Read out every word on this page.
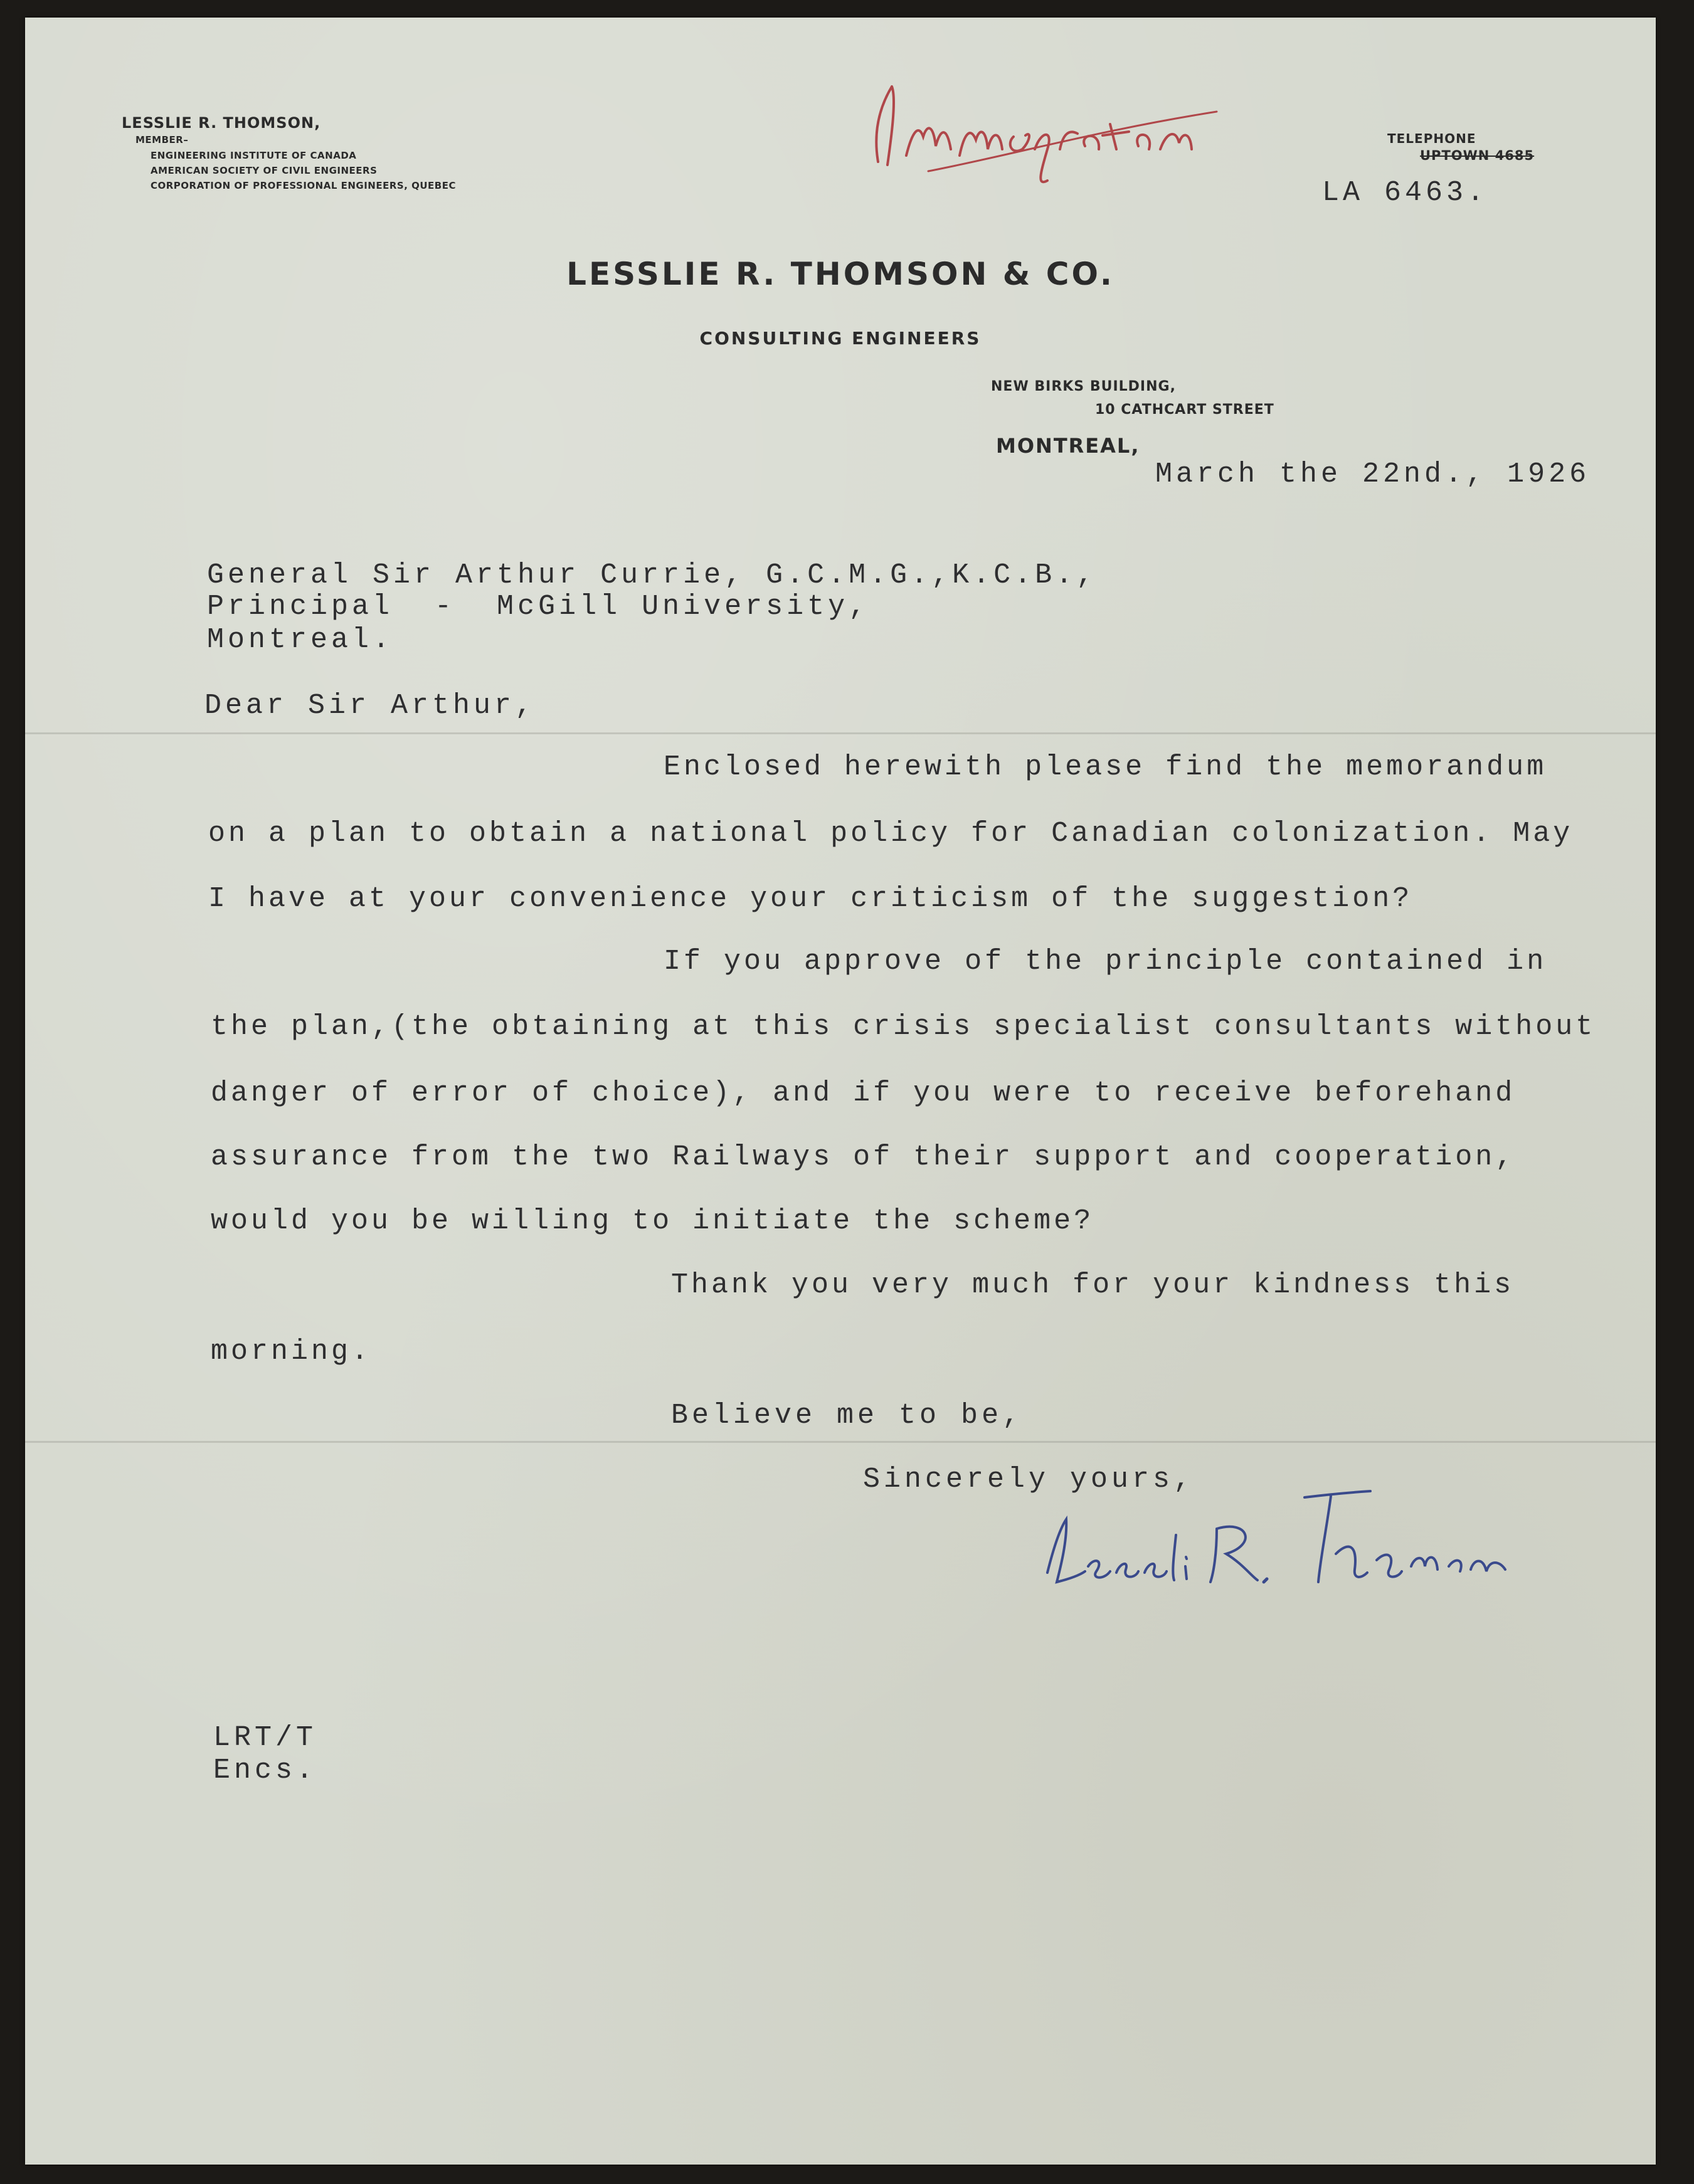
LESSLIE R. THOMSON,
MEMBER–
ENGINEERING INSTITUTE OF CANADA
AMERICAN SOCIETY OF CIVIL ENGINEERS
CORPORATION OF PROFESSIONAL ENGINEERS, QUEBEC
TELEPHONE
UPTOWN 4685
LA 6463.
LESSLIE R. THOMSON & CO.
CONSULTING ENGINEERS
NEW BIRKS BUILDING,
10 CATHCART STREET
MONTREAL,
March the 22nd., 1926
General Sir Arthur Currie, G.C.M.G.,K.C.B.,
Principal  -  McGill University,
Montreal.
Dear Sir Arthur,
Enclosed herewith please find the memorandum
on a plan to obtain a national policy for Canadian colonization. May
I have at your convenience your criticism of the suggestion?
If you approve of the principle contained in
the plan,(the obtaining at this crisis specialist consultants without
danger of error of choice), and if you were to receive beforehand
assurance from the two Railways of their support and cooperation,
would you be willing to initiate the scheme?
Thank you very much for your kindness this
morning.
Believe me to be,
Sincerely yours,
LRT/T
Encs.
